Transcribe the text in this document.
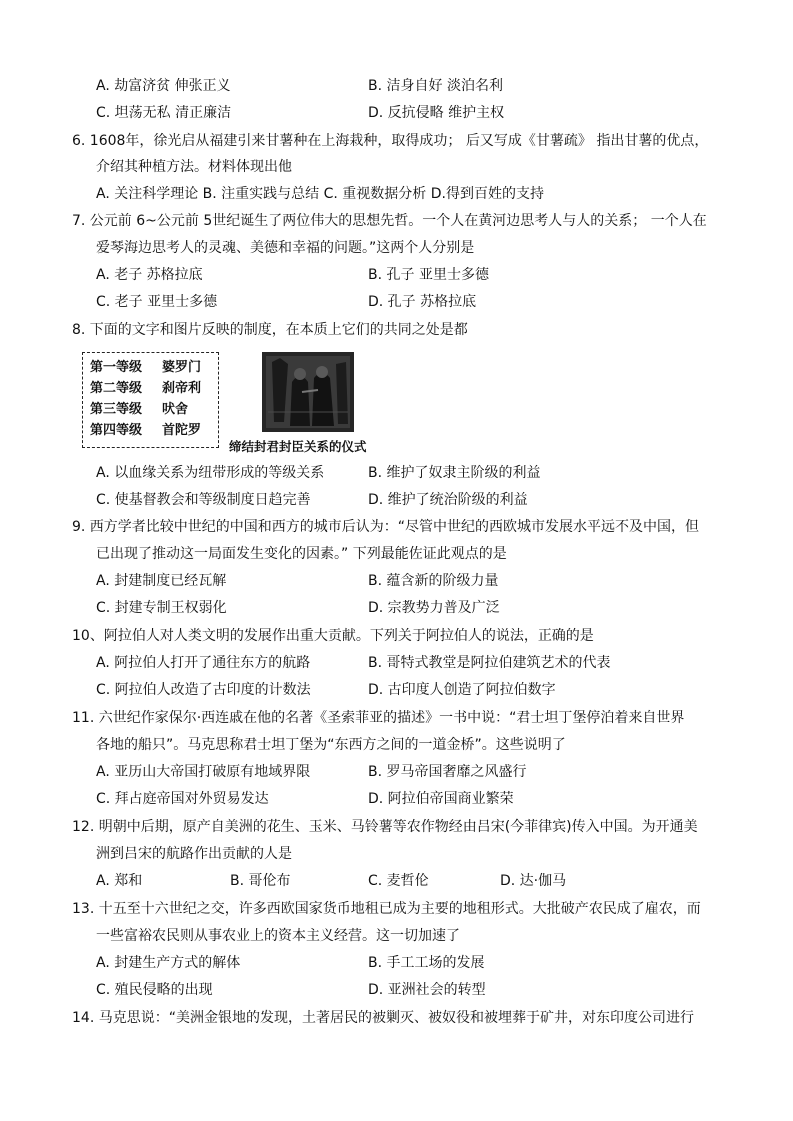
A. 劫富济贫 伸张正义	B. 洁身自好 淡泊名利
C. 坦荡无私 清正廉洁	D. 反抗侵略 维护主权
6. 1608年，徐光启从福建引来甘薯种在上海栽种，取得成功； 后又写成《甘薯疏》 指出甘薯的优点，
介绍其种植方法。材料体现出他
A. 关注科学理论 B. 注重实践与总结 C. 重视数据分析 D.得到百姓的支持
7. 公元前 6~公元前 5世纪诞生了两位伟大的思想先哲。一个人在黄河边思考人与人的关系； 一个人在
爱琴海边思考人的灵魂、美德和幸福的问题。”这两个人分别是
A. 老子 苏格拉底	B. 孔子 亚里士多德
C. 老子 亚里士多德	D. 孔子 苏格拉底
8. 下面的文字和图片反映的制度，在本质上它们的共同之处是都
第一等级 婆罗门
第二等级 刹帝利
第三等级 吠舍
第四等级 首陀罗
缔结封君封臣关系的仪式
A. 以血缘关系为纽带形成的等级关系	B. 维护了奴隶主阶级的利益
C. 使基督教会和等级制度日趋完善	D. 维护了统治阶级的利益
9. 西方学者比较中世纪的中国和西方的城市后认为：“尽管中世纪的西欧城市发展水平远不及中国，但
已出现了推动这一局面发生变化的因素。” 下列最能佐证此观点的是
A. 封建制度已经瓦解	B. 蕴含新的阶级力量
C. 封建专制王权弱化	D. 宗教势力普及广泛
10、阿拉伯人对人类文明的发展作出重大贡献。下列关于阿拉伯人的说法，正确的是
A. 阿拉伯人打开了通往东方的航路	B. 哥特式教堂是阿拉伯建筑艺术的代表
C. 阿拉伯人改造了古印度的计数法	D. 古印度人创造了阿拉伯数字
11. 六世纪作家保尔·西连戚在他的名著《圣索菲亚的描述》一书中说：“君士坦丁堡停泊着来自世界
各地的船只”。马克思称君士坦丁堡为“东西方之间的一道金桥”。这些说明了
A. 亚历山大帝国打破原有地域界限	B. 罗马帝国奢靡之风盛行
C. 拜占庭帝国对外贸易发达	D. 阿拉伯帝国商业繁荣
12. 明朝中后期，原产自美洲的花生、玉米、马铃薯等农作物经由吕宋(今菲律宾)传入中国。为开通美
洲到吕宋的航路作出贡献的人是
A. 郑和	B. 哥伦布	C. 麦哲伦	D. 达·伽马
13. 十五至十六世纪之交，许多西欧国家货币地租已成为主要的地租形式。大批破产农民成了雇农，而
一些富裕农民则从事农业上的资本主义经营。这一切加速了
A. 封建生产方式的解体	B. 手工工场的发展
C. 殖民侵略的出现	D. 亚洲社会的转型
14. 马克思说：“美洲金银地的发现，土著居民的被剿灭、被奴役和被埋葬于矿井，对东印度公司进行
